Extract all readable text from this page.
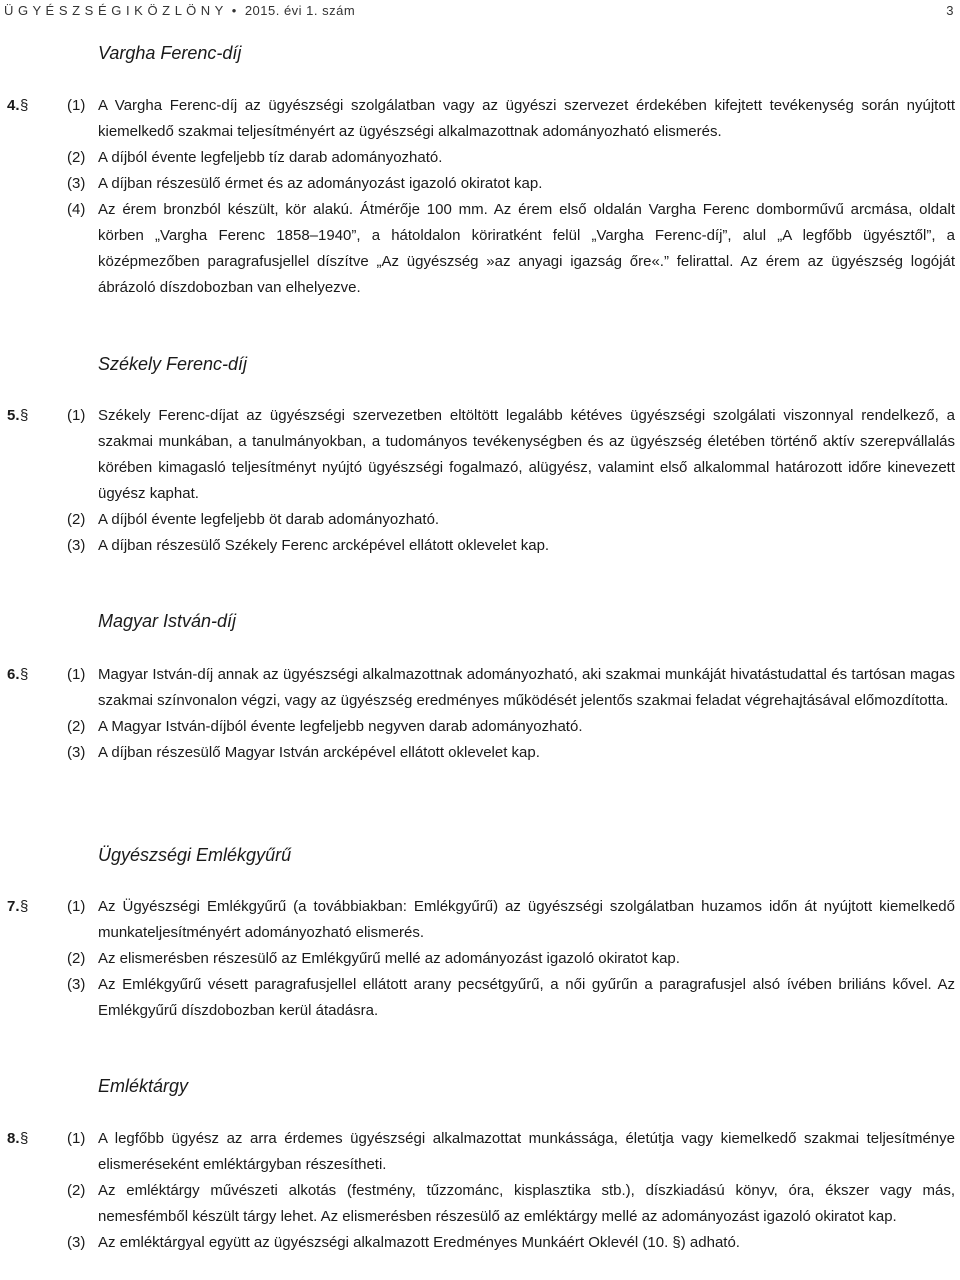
Ü G Y É S Z S É G I K Ö Z L Ö N Y • 2015. évi 1. szám	3
Vargha Ferenc-díj
4. §	(1) A Vargha Ferenc-díj az ügyészségi szolgálatban vagy az ügyészi szervezet érdekében kifejtett tevékenység során nyújtott kiemelkedő szakmai teljesítményért az ügyészségi alkalmazottnak adományozható elismerés.
(2) A díjból évente legfeljebb tíz darab adományozható.
(3) A díjban részesülő érmet és az adományozást igazoló okiratot kap.
(4) Az érem bronzból készült, kör alakú. Átmérője 100 mm. Az érem első oldalán Vargha Ferenc domborművű arcmása, oldalt körben „Vargha Ferenc 1858–1940”, a hátoldalon köriratként felül „Vargha Ferenc-díj”, alul „A legfőbb ügyésztől”, a középmezőben paragrafusjellel díszítve „Az ügyészség »az anyagi igazság őre«.” felirattal. Az érem az ügyészség logóját ábrázoló díszdobozban van elhelyezve.
Székely Ferenc-díj
5. §	(1) Székely Ferenc-díjat az ügyészségi szervezetben eltöltött legalább kétéves ügyészségi szolgálati viszonnyal rendelkező, a szakmai munkában, a tanulmányokban, a tudományos tevékenységben és az ügyészség életében történő aktív szerepvállalás körében kimagasló teljesítményt nyújtó ügyészségi fogalmazó, alügyész, valamint első alkalommal határozott időre kinevezett ügyész kaphat.
(2) A díjból évente legfeljebb öt darab adományozható.
(3) A díjban részesülő Székely Ferenc arcképével ellátott oklevelet kap.
Magyar István-díj
6. §	(1) Magyar István-díj annak az ügyészségi alkalmazottnak adományozható, aki szakmai munkáját hivatástudattal és tartósan magas szakmai színvonalon végzi, vagy az ügyészség eredményes működését jelentős szakmai feladat végrehajtásával előmozdította.
(2) A Magyar István-díjból évente legfeljebb negyven darab adományozható.
(3) A díjban részesülő Magyar István arcképével ellátott oklevelet kap.
Ügyészségi Emlékgyűrű
7. §	(1) Az Ügyészségi Emlékgyűrű (a továbbiakban: Emlékgyűrű) az ügyészségi szolgálatban huzamos időn át nyújtott kiemelkedő munkateljesítményért adományozható elismerés.
(2) Az elismerésben részesülő az Emlékgyűrű mellé az adományozást igazoló okiratot kap.
(3) Az Emlékgyűrű vésett paragrafusjellel ellátott arany pecsétgyűrű, a női gyűrűn a paragrafusjel alsó ívében briliáns kővel. Az Emlékgyűrű díszdobozban kerül átadásra.
Emléktárgy
8. §	(1) A legfőbb ügyész az arra érdemes ügyészségi alkalmazottat munkássága, életútja vagy kiemelkedő szakmai teljesítménye elismeréseként emléktárgyban részesítheti.
(2) Az emléktárgy művészeti alkotás (festmény, tűzzománc, kisplasztika stb.), díszkiadású könyv, óra, ékszer vagy más, nemesfémből készült tárgy lehet. Az elismerésben részesülő az emléktárgy mellé az adományozást igazoló okiratot kap.
(3) Az emléktárgyal együtt az ügyészségi alkalmazott Eredményes Munkáért Oklevél (10. §) adható.
